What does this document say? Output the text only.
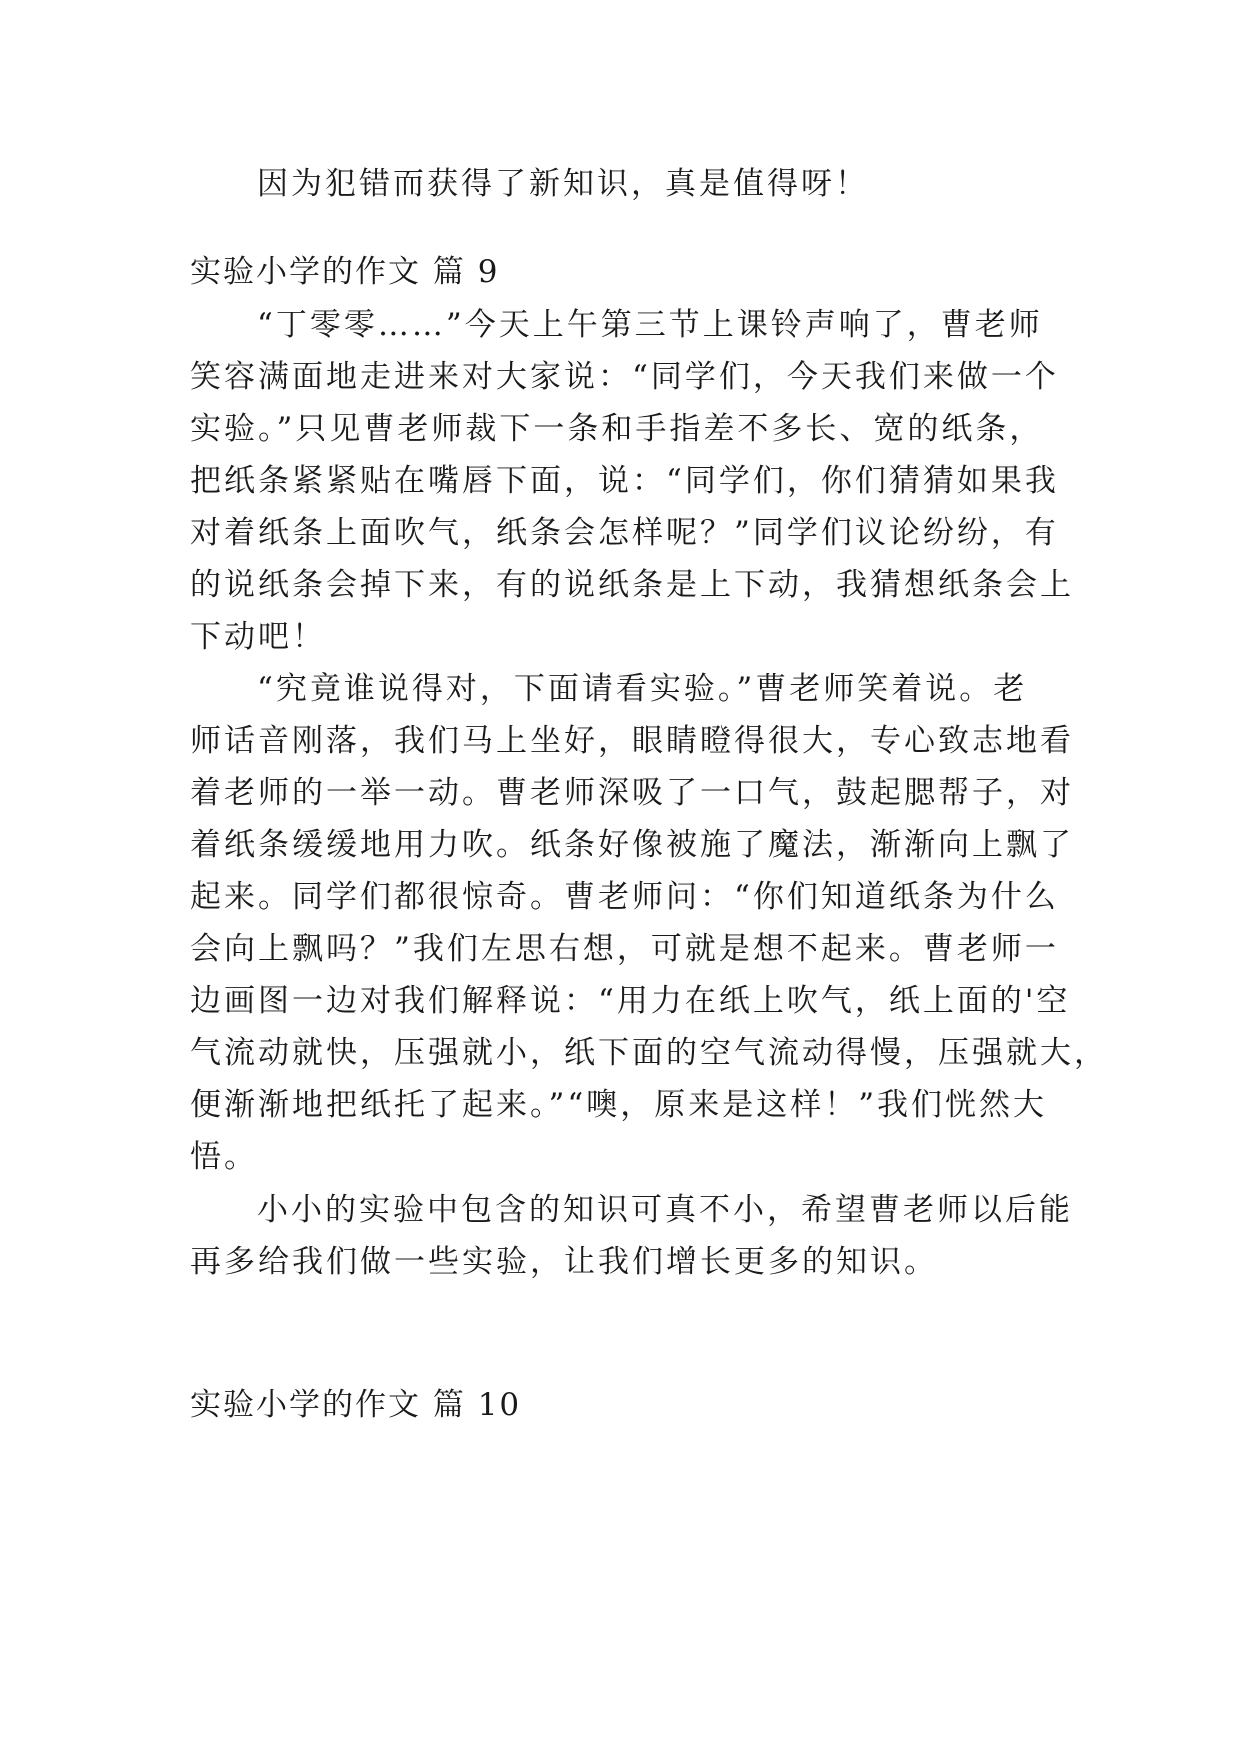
因为犯错而获得了新知识，真是值得呀！
实验小学的作文 篇 9
“丁零零……”今天上午第三节上课铃声响了，曹老师
笑容满面地走进来对大家说：“同学们，今天我们来做一个
实验。”只见曹老师裁下一条和手指差不多长、宽的纸条，
把纸条紧紧贴在嘴唇下面，说：“同学们，你们猜猜如果我
对着纸条上面吹气，纸条会怎样呢？”同学们议论纷纷，有
的说纸条会掉下来，有的说纸条是上下动，我猜想纸条会上
下动吧！
“究竟谁说得对，下面请看实验。”曹老师笑着说。老
师话音刚落，我们马上坐好，眼睛瞪得很大，专心致志地看
着老师的一举一动。曹老师深吸了一口气，鼓起腮帮子，对
着纸条缓缓地用力吹。纸条好像被施了魔法，渐渐向上飘了
起来。同学们都很惊奇。曹老师问：“你们知道纸条为什么
会向上飘吗？”我们左思右想，可就是想不起来。曹老师一
边画图一边对我们解释说：“用力在纸上吹气，纸上面的'空
气流动就快，压强就小，纸下面的空气流动得慢，压强就大，
便渐渐地把纸托了起来。”“噢，原来是这样！”我们恍然大
悟。
小小的实验中包含的知识可真不小，希望曹老师以后能
再多给我们做一些实验，让我们增长更多的知识。
实验小学的作文 篇 10
